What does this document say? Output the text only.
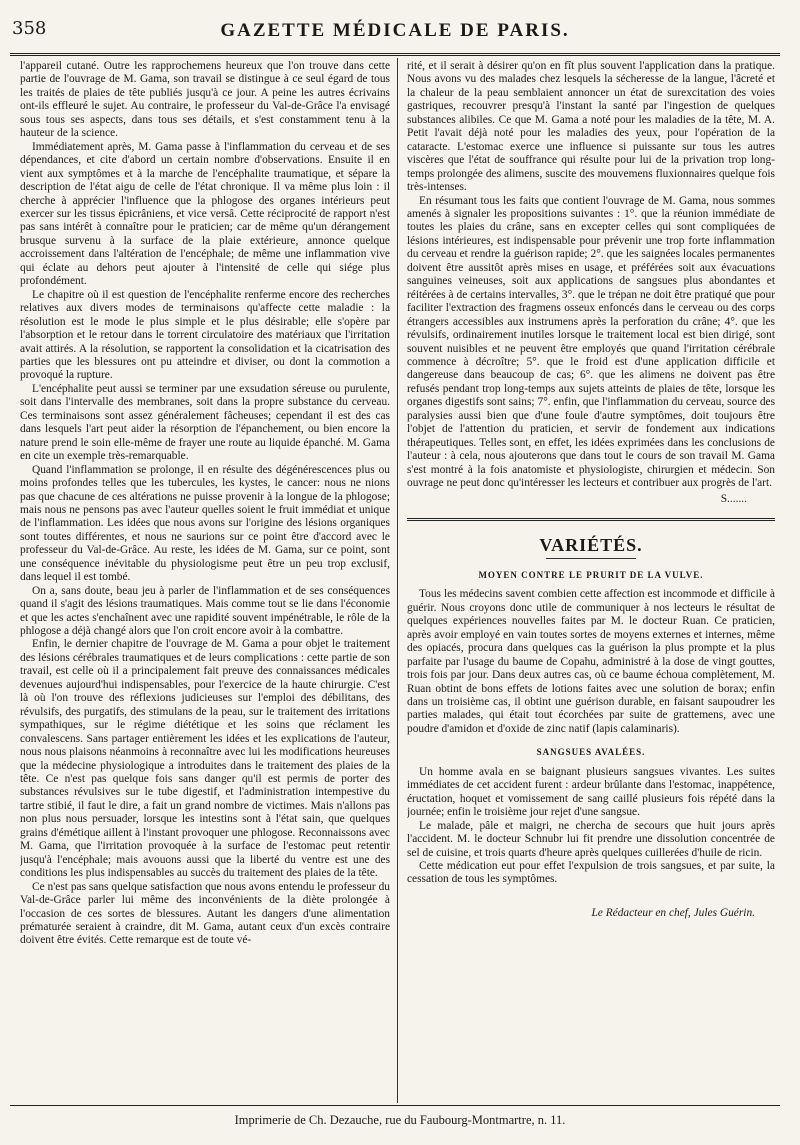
358	GAZETTE MÉDICALE DE PARIS.

l'appareil cutané. Outre les rapprochemens heureux que l'on trouve dans cette partie de l'ouvrage de M. Gama, son travail se distingue à ce seul égard de tous les traités de plaies de tête publiés jusqu'à ce jour. A peine les autres écrivains ont-ils effleuré le sujet. Au contraire, le professeur du Val-de-Grâce l'a envisagé sous tous ses aspects, dans tous ses détails, et s'est constamment tenu à la hauteur de la science.

Immédiatement après, M. Gama passe à l'inflammation du cerveau et de ses dépendances, et cite d'abord un certain nombre d'observations. Ensuite il en vient aux symptômes et à la marche de l'encéphalite traumatique, et sépare la description de l'état aigu de celle de l'état chronique. Il va même plus loin : il cherche à apprécier l'influence que la phlogose des organes intérieurs peut exercer sur les tissus épicrâniens, et vice versâ. Cette réciprocité de rapport n'est pas sans intérêt à connaître pour le praticien; car de même qu'un dérangement brusque survenu à la surface de la plaie extérieure, annonce quelque accroissement dans l'altération de l'encéphale; de même une inflammation vive qui éclate au dehors peut ajouter à l'intensité de celle qui siége plus profondément.

Le chapitre où il est question de l'encéphalite renferme encore des recherches relatives aux divers modes de terminaisons qu'affecte cette maladie : la résolution est le mode le plus simple et le plus désirable; elle s'opère par l'absorption et le retour dans le torrent circulatoire des matériaux que l'irritation avait attirés. A la résolution, se rapportent la consolidation et la cicatrisation des parties que les blessures ont pu atteindre et diviser, ou dont la commotion a provoqué la rupture.

L'encéphalite peut aussi se terminer par une exsudation séreuse ou purulente, soit dans l'intervalle des membranes, soit dans la propre substance du cerveau. Ces terminaisons sont assez généralement fâcheuses; cependant il est des cas dans lesquels l'art peut aider la résorption de l'épanchement, ou bien encore la nature prend le soin elle-même de frayer une route au liquide épanché. M. Gama en cite un exemple très-remarquable.

Quand l'inflammation se prolonge, il en résulte des dégénérescences plus ou moins profondes telles que les tubercules, les kystes, le cancer: nous ne nions pas que chacune de ces altérations ne puisse provenir à la longue de la phlogose; mais nous ne pensons pas avec l'auteur quelles soient le fruit immédiat et unique de l'inflammation. Les idées que nous avons sur l'origine des lésions organiques sont toutes différentes, et nous ne saurions sur ce point être d'accord avec le professeur du Val-de-Grâce. Au reste, les idées de M. Gama, sur ce point, sont une conséquence inévitable du physiologisme peut être un peu trop exclusif, dans lequel il est tombé.

On a, sans doute, beau jeu à parler de l'inflammation et de ses conséquences quand il s'agit des lésions traumatiques. Mais comme tout se lie dans l'économie et que les actes s'enchaînent avec une rapidité souvent impénétrable, le rôle de la phlogose a déjà changé alors que l'on croit encore avoir à la combattre.

Enfin, le dernier chapitre de l'ouvrage de M. Gama a pour objet le traitement des lésions cérébrales traumatiques et de leurs complications : cette partie de son travail, est celle où il a principalement fait preuve des connaissances médicales devenues aujourd'hui indispensables, pour l'exercice de la haute chirurgie. C'est là où l'on trouve des réflexions judicieuses sur l'emploi des débilitans, des révulsifs, des purgatifs, des stimulans de la peau, sur le traitement des irritations sympathiques, sur le régime diététique et les soins que réclament les convalescens. Sans partager entièrement les idées et les explications de l'auteur, nous nous plaisons néanmoins à reconnaître avec lui les modifications heureuses que la médecine physiologique a introduites dans le traitement des plaies de la tête. Ce n'est pas quelque fois sans danger qu'il est permis de porter des substances révulsives sur le tube digestif, et l'administration intempestive du tartre stibié, il faut le dire, a fait un grand nombre de victimes. Mais n'allons pas non plus nous persuader, lorsque les intestins sont à l'état sain, que quelques grains d'émétique aillent à l'instant provoquer une phlogose. Reconnaissons avec M. Gama, que l'irritation provoquée à la surface de l'estomac peut retentir jusqu'à l'encéphale; mais avouons aussi que la liberté du ventre est une des conditions les plus indispensables au succès du traitement des plaies de la tête.

Ce n'est pas sans quelque satisfaction que nous avons entendu le professeur du Val-de-Grâce parler lui même des inconvénients de la diète prolongée à l'occasion de ces sortes de blessures. Autant les dangers d'une alimentation prématurée seraient à craindre, dit M. Gama, autant ceux d'un excès contraire doivent être évités. Cette remarque est de toute vé-

rité, et il serait à désirer qu'on en fît plus souvent l'application dans la pratique. Nous avons vu des malades chez lesquels la sécheresse de la langue, l'âcreté et la chaleur de la peau semblaient annoncer un état de surexcitation des voies gastriques, recouvrer presqu'à l'instant la santé par l'ingestion de quelques substances alibiles. Ce que M. Gama a noté pour les maladies de la tête, M. A. Petit l'avait déjà noté pour les maladies des yeux, pour l'opération de la cataracte. L'estomac exerce une influence si puissante sur tous les autres viscères que l'état de souffrance qui résulte pour lui de la privation trop long-temps prolongée des alimens, suscite des mouvemens fluxionnaires quelque fois très-intenses.

En résumant tous les faits que contient l'ouvrage de M. Gama, nous sommes amenés à signaler les propositions suivantes : 1°. que la réunion immédiate de toutes les plaies du crâne, sans en excepter celles qui sont compliquées de lésions intérieures, est indispensable pour prévenir une trop forte inflammation du cerveau et rendre la guérison rapide; 2°. que les saignées locales permanentes doivent être aussitôt après mises en usage, et préférées soit aux évacuations sanguines veineuses, soit aux applications de sangsues plus abondantes et réitérées à de certains intervalles, 3°. que le trépan ne doit être pratiqué que pour faciliter l'extraction des fragmens osseux enfoncés dans le cerveau ou des corps étrangers accessibles aux instrumens après la perforation du crâne; 4°. que les révulsifs, ordinairement inutiles lorsque le traitement local est bien dirigé, sont souvent nuisibles et ne peuvent être employés que quand l'irritation cérébrale commence à décroître; 5°. que le froid est d'une application difficile et dangereuse dans beaucoup de cas; 6°. que les alimens ne doivent pas être refusés pendant trop long-temps aux sujets atteints de plaies de tête, lorsque les organes digestifs sont sains; 7°. enfin, que l'inflammation du cerveau, source des paralysies aussi bien que d'une foule d'autre symptômes, doit toujours être l'objet de l'attention du praticien, et servir de fondement aux indications thérapeutiques. Telles sont, en effet, les idées exprimées dans les conclusions de l'auteur : à cela, nous ajouterons que dans tout le cours de son travail M. Gama s'est montré à la fois anatomiste et physiologiste, chirurgien et médecin. Son ouvrage ne peut donc qu'intéresser les lecteurs et contribuer aux progrès de l'art.

S.......
VARIÉTÉS.
MOYEN CONTRE LE PRURIT DE LA VULVE.

Tous les médecins savent combien cette affection est incommode et difficile à guérir. Nous croyons donc utile de communiquer à nos lecteurs le résultat de quelques expériences nouvelles faites par M. le docteur Ruan. Ce praticien, après avoir employé en vain toutes sortes de moyens externes et internes, même des opiacés, procura dans quelques cas la guérison la plus prompte et la plus parfaite par l'usage du baume de Copahu, administré à la dose de vingt gouttes, trois fois par jour. Dans deux autres cas, où ce baume échoua complètement, M. Ruan obtint de bons effets de lotions faites avec une solution de borax; enfin dans un troisième cas, il obtint une guérison durable, en faisant saupoudrer les parties malades, qui était tout écorchées par suite de grattemens, avec une poudre d'amidon et d'oxide de zinc natif (lapis calaminaris).

SANGSUES AVALÉES.

Un homme avala en se baignant plusieurs sangsues vivantes. Les suites immédiates de cet accident furent : ardeur brûlante dans l'estomac, inappétence, éructation, hoquet et vomissement de sang caillé plusieurs fois répété dans la journée; enfin le troisième jour rejet d'une sangsue.

Le malade, pâle et maigri, ne chercha de secours que huit jours après l'accident. M. le docteur Schnubr lui fit prendre une dissolution concentrée de sel de cuisine, et trois quarts d'heure après quelques cuillerées d'huile de ricin.

Cette médication eut pour effet l'expulsion de trois sangsues, et par suite, la cessation de tous les symptômes.

Le Rédacteur en chef, Jules Guérin.
Imprimerie de Ch. Dezauche, rue du Faubourg-Montmartre, n. 11.
